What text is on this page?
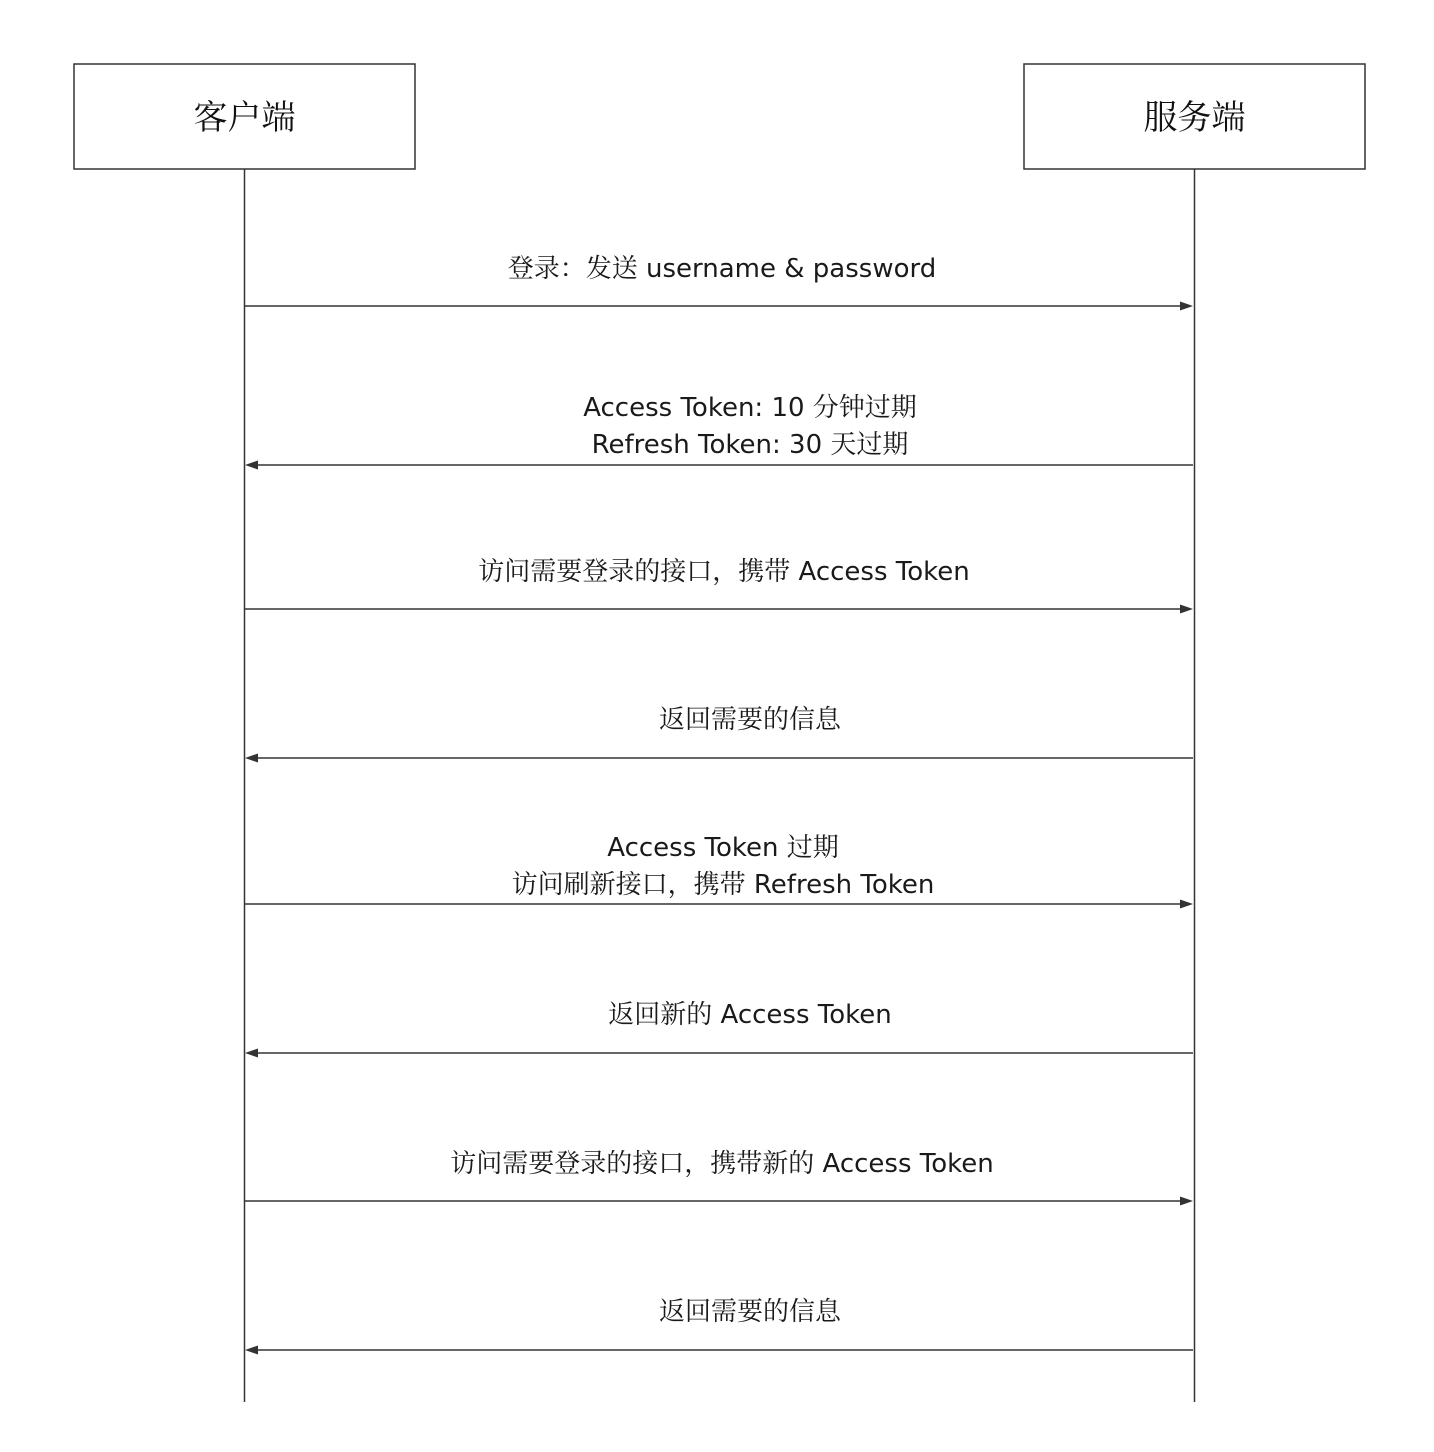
客户端	服务端
登录：发送 username & password
Access Token: 10 分钟过期
Refresh Token: 30 天过期
访问需要登录的接口，携带 Access Token
返回需要的信息
Access Token 过期
访问刷新接口，携带 Refresh Token
返回新的 Access Token
访问需要登录的接口，携带新的 Access Token
返回需要的信息
